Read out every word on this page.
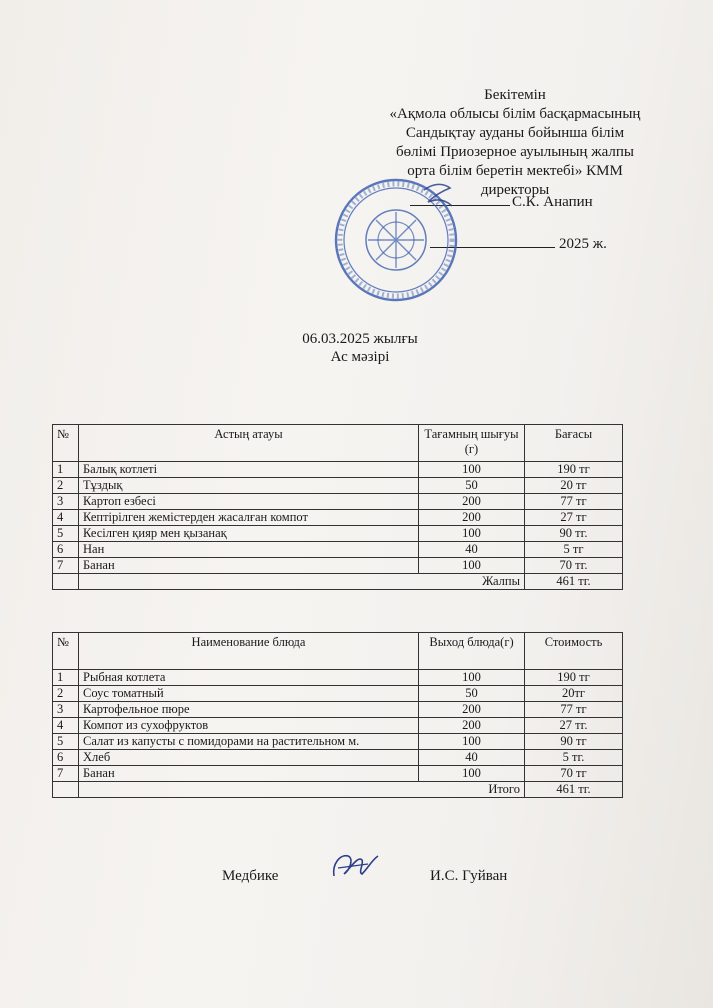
Бекітемін
«Ақмола облысы білім басқармасының
Сандықтау ауданы бойынша білім
бөлімі Приозерное ауылының жалпы
орта білім беретін мектебі» КММ
директоры
С.К. Анапин
2025 ж.
06.03.2025 жылғы
Ас мәзірі
№	Астың атауы	Тағамның шығуы (г)	Бағасы
1	Балық котлеті	100	190 тг
2	Тұздық	50	20 тг
3	Картоп езбесі	200	77 тг
4	Кептірілген жемістерден жасалған компот	200	27 тг
5	Кесілген қияр мен қызанақ	100	90 тг.
6	Нан	40	5 тг
7	Банан	100	70 тг.
	Жалпы		461 тг.
№	Наименование блюда	Выход блюда(г)	Стоимость
1	Рыбная котлета	100	190 тг
2	Соус томатный	50	20тг
3	Картофельное пюре	200	77 тг
4	Компот из сухофруктов	200	27 тг.
5	Салат из капусты с помидорами на растительном м.	100	90 тг
6	Хлеб	40	5 тг.
7	Банан	100	70 тг
	Итого		461 тг.
Медбике	И.С. Гуйван
